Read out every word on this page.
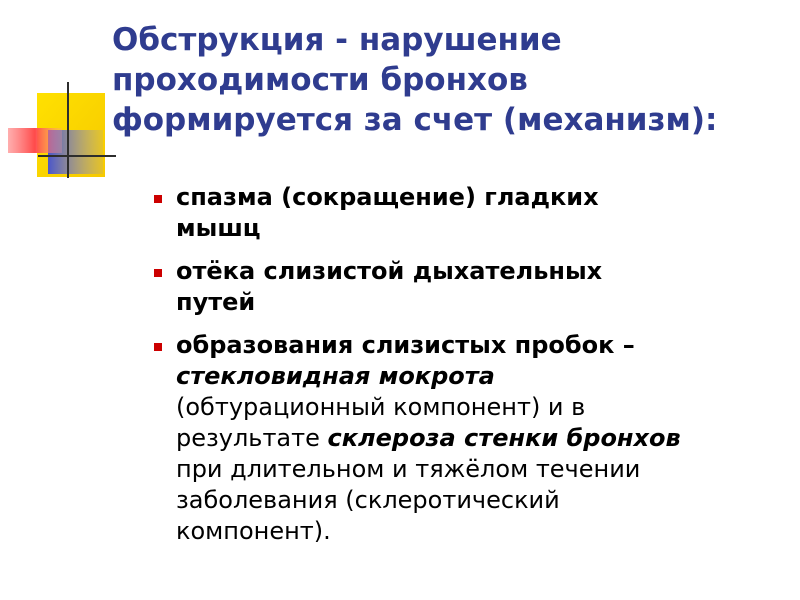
Обструкция - нарушение
проходимости бронхов
формируется за счет (механизм):
спазма (сокращение) гладких
мышц
отёка слизистой дыхательных
путей
образования слизистых пробок –
стекловидная мокрота
(обтурационный компонент) и в
результате склероза стенки бронхов
при длительном и тяжёлом течении
заболевания (склеротический
компонент).
